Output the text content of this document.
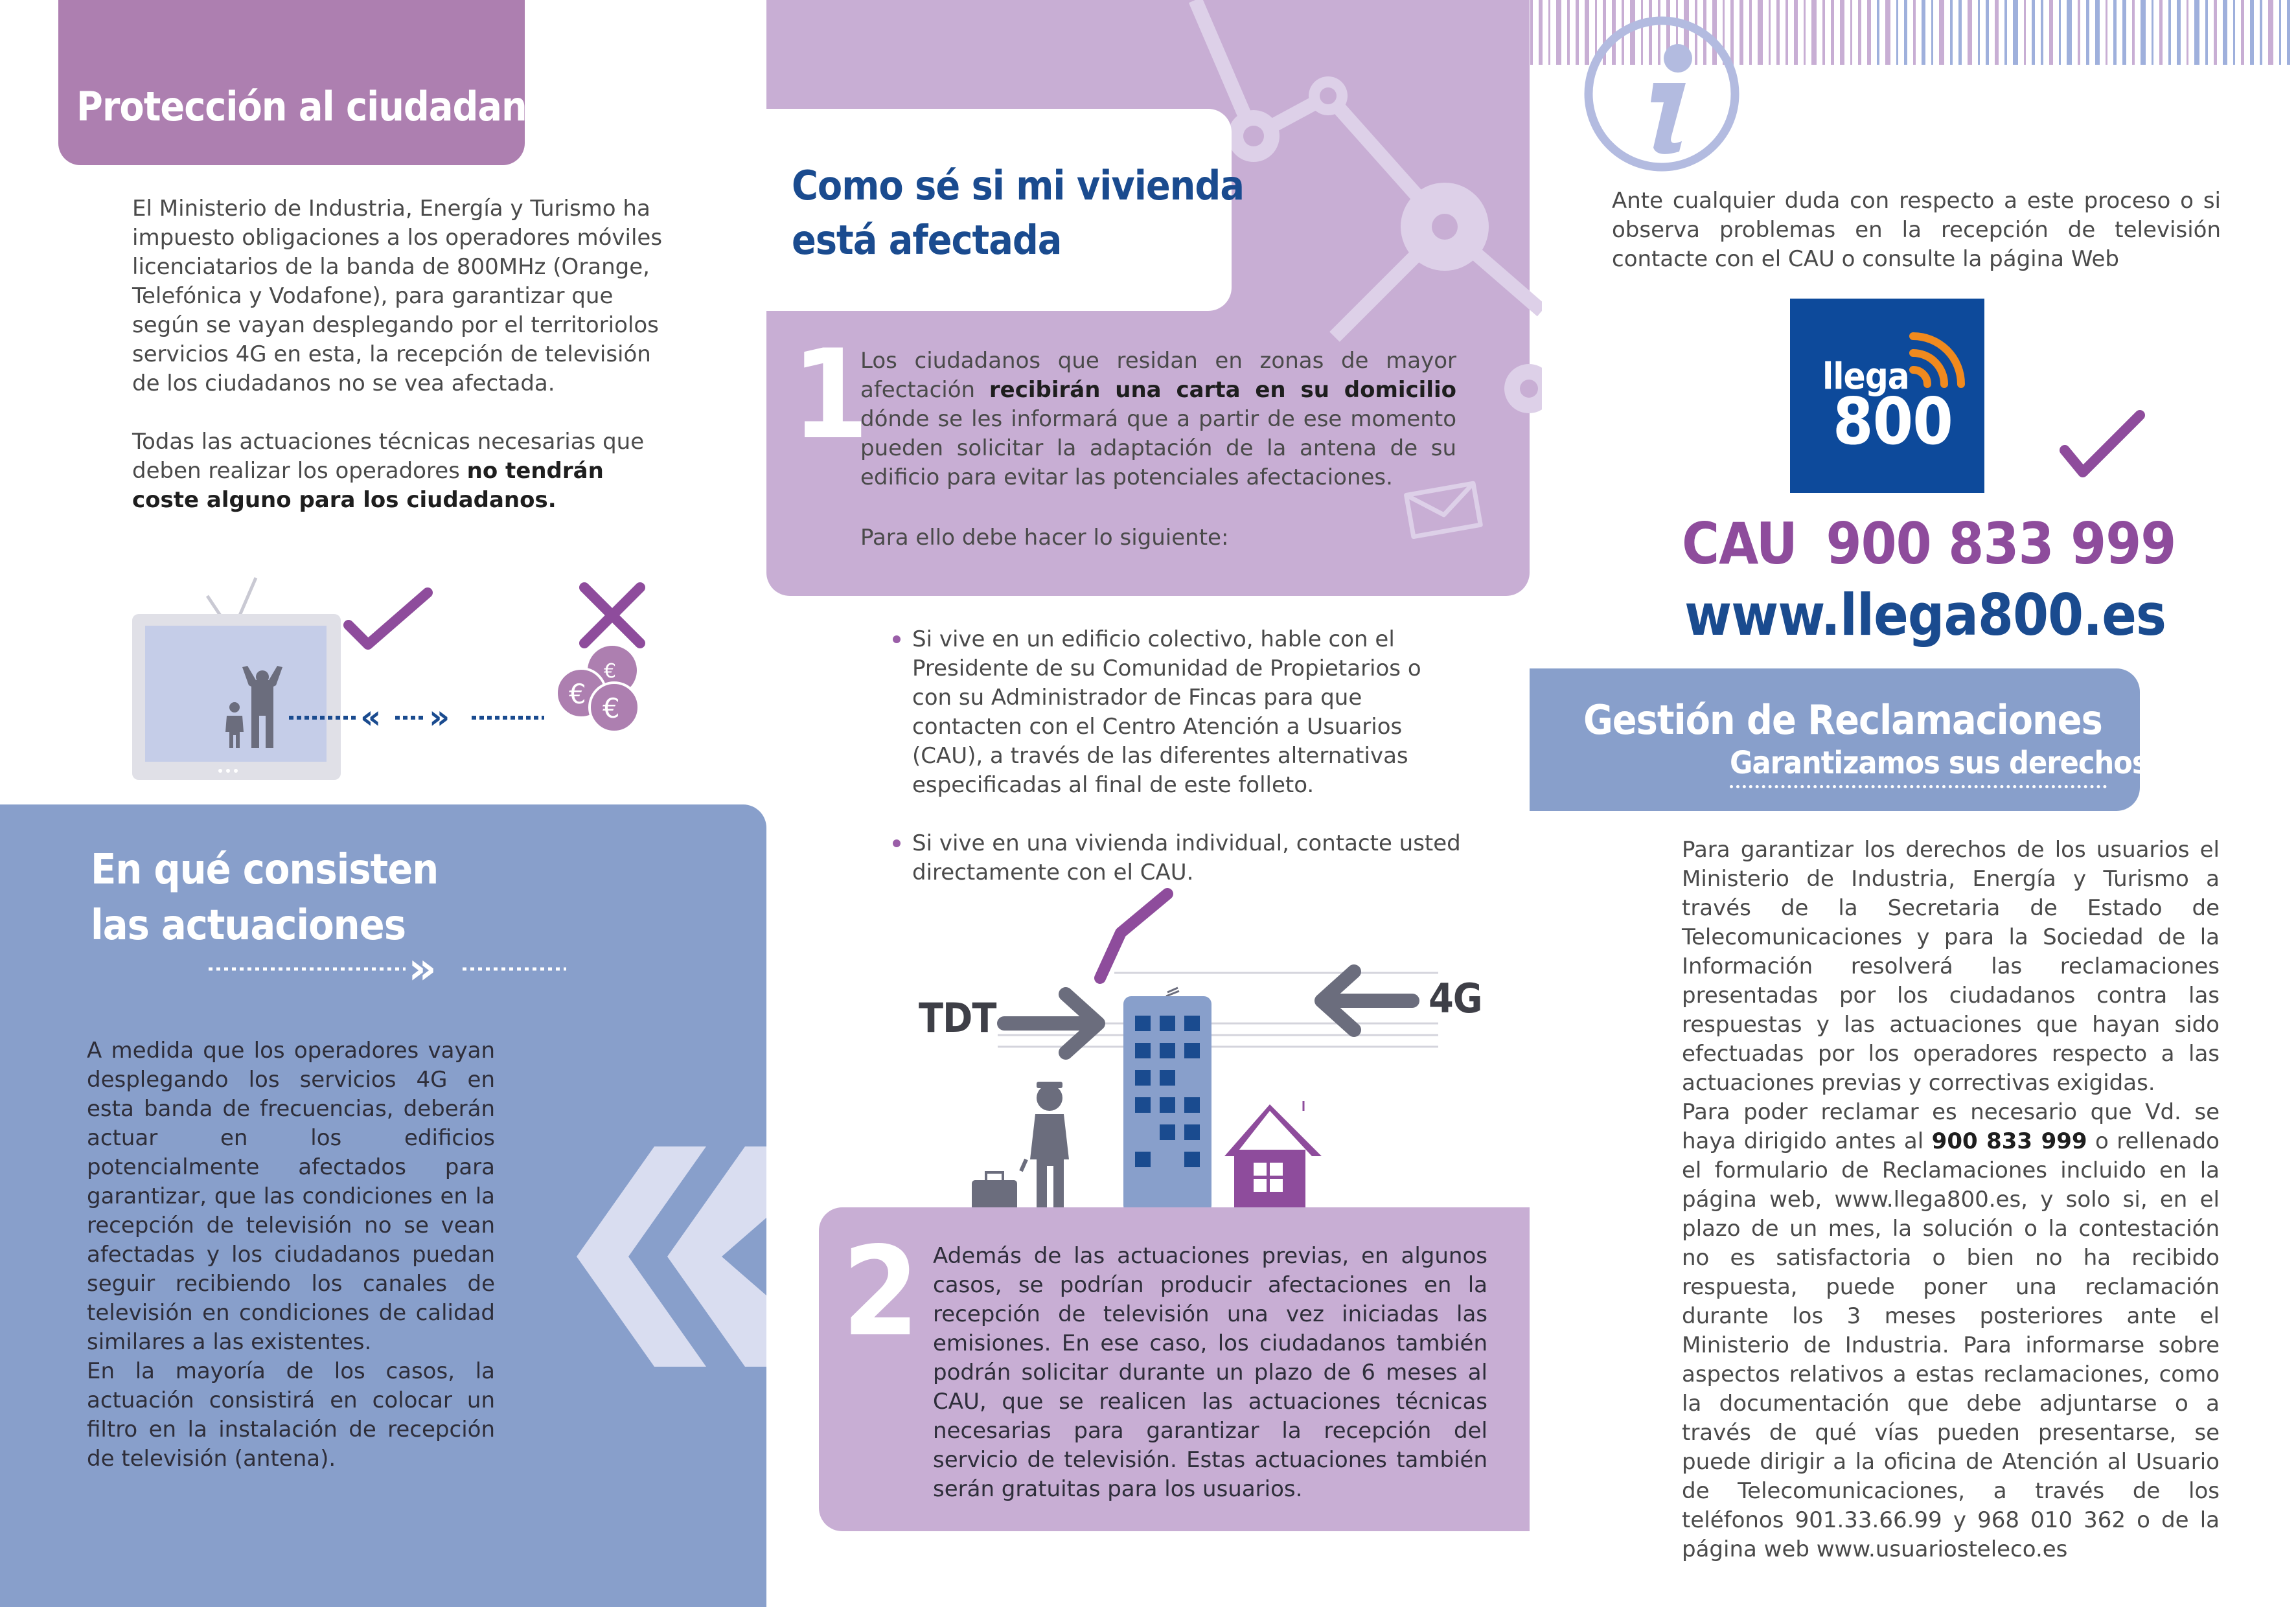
Protección al ciudadano

El Ministerio de Industria, Energía y Turismo ha impuesto obligaciones a los operadores móviles licenciatarios de la banda de 800MHz (Orange, Telefónica y Vodafone), para garantizar que según se vayan desplegando por el territoriolos servicios 4G en esta, la recepción de televisión de los ciudadanos no se vea afectada.

Todas las actuaciones técnicas necesarias que deben realizar los operadores no tendrán coste alguno para los ciudadanos.

« »
€ €
€
En qué consisten
las actuaciones
»

A medida que los operadores vayan desplegando los servicios 4G en esta banda de frecuencias, deberán actuar en los edificios potencialmente afectados para garantizar, que las condiciones en la recepción de televisión no se vean afectadas y los ciudadanos puedan seguir recibiendo los canales de televisión en condiciones de calidad similares a las existentes.

En la mayoría de los casos, la actuación consistirá en colocar un filtro en la instalación de recepción de televisión (antena).

Como sé si mi vivienda
está afectada
1

Los ciudadanos que residan en zonas de mayor afectación recibirán una carta en su domicilio dónde se les informará que a partir de ese momento pueden solicitar la adaptación de la antena de su edificio para evitar las potenciales afectaciones.

Para ello debe hacer lo siguiente:

Si vive en un edificio colectivo, hable con el Presidente de su Comunidad de Propietarios o con su Administrador de Fincas para que contacten con el Centro Atención a Usuarios (CAU), a través de las diferentes alternativas especificadas al final de este folleto.
Si vive en una vivienda individual, contacte usted directamente con el CAU.
TDT	4G
2 Además de las actuaciones previas, en algunos casos, se podrían producir afectaciones en la recepción de televisión una vez iniciadas las emisiones. En ese caso, los ciudadanos también podrán solicitar durante un plazo de 6 meses al CAU, que se realicen las actuaciones técnicas necesarias para garantizar la recepción del servicio de televisión. Estas actuaciones también serán gratuitas para los usuarios.

Ante cualquier duda con respecto a este proceso o si observa problemas en la recepción de televisión contacte con el CAU o consulte la página Web

llega
800
CAU 900 833 999
www.llega800.es
Gestión de Reclamaciones
Garantizamos sus derechos

Para garantizar los derechos de los usuarios el Ministerio de Industria, Energía y Turismo a través de la Secretaria de Estado de Telecomunicaciones y para la Sociedad de la Información resolverá las reclamaciones presentadas por los ciudadanos contra las respuestas y las actuaciones que hayan sido efectuadas por los operadores respecto a las actuaciones previas y correctivas exigidas.

Para poder reclamar es necesario que Vd. se haya dirigido antes al 900 833 999 o rellenado el formulario de Reclamaciones incluido en la página web, www.llega800.es, y solo si, en el plazo de un mes, la solución o la contestación no es satisfactoria o bien no ha recibido respuesta, puede poner una reclamación durante los 3 meses posteriores ante el Ministerio de Industria. Para informarse sobre aspectos relativos a estas reclamaciones, como la documentación que debe adjuntarse o a través de qué vías pueden presentarse, se puede dirigir a la oficina de Atención al Usuario de Telecomunicaciones, a través de los teléfonos 901.33.66.99 y 968 010 362 o de la página web www.usuariosteleco.es
